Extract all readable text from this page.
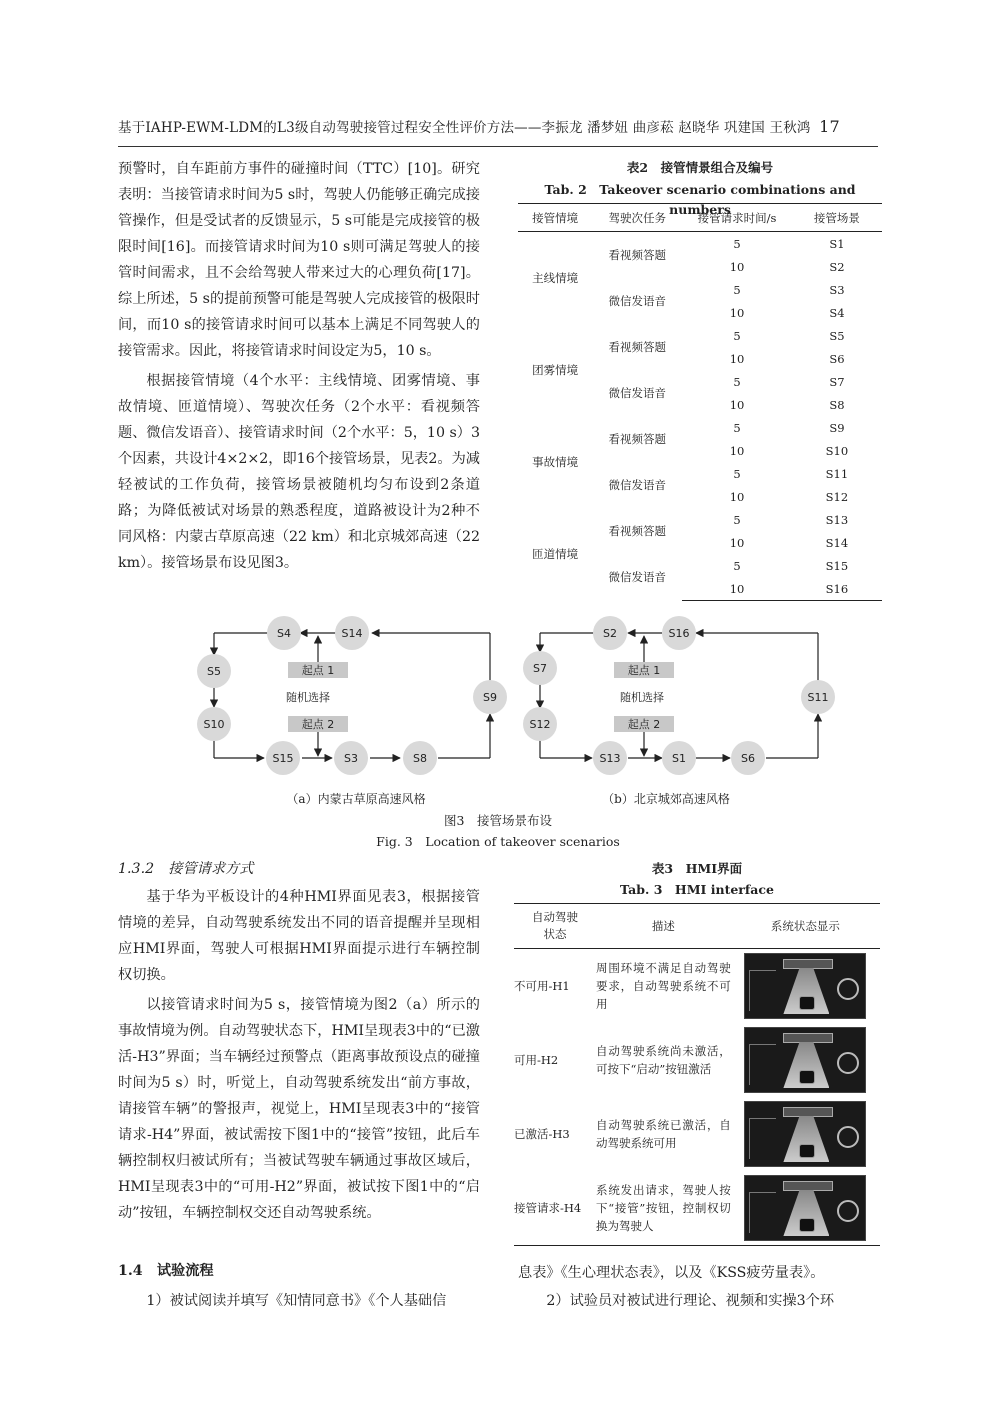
基于IAHP-EWM-LDM的L3级自动驾驶接管过程安全性评价方法——李振龙 潘梦妞 曲彦菘 赵晓华 巩建国 王秋鸿 17
预警时，自车距前方事件的碰撞时间（TTC）[10]。研究表明：当接管请求时间为5 s时，驾驶人仍能够正确完成接管操作，但是受试者的反馈显示，5 s可能是完成接管的极限时间[16]。而接管请求时间为10 s则可满足驾驶人的接管时间需求，且不会给驾驶人带来过大的心理负荷[17]。综上所述，5 s的提前预警可能是驾驶人完成接管的极限时间，而10 s的接管请求时间可以基本上满足不同驾驶人的接管需求。因此，将接管请求时间设定为5，10 s。
根据接管情境（4个水平：主线情境、团雾情境、事故情境、匝道情境）、驾驶次任务（2个水平：看视频答题、微信发语音）、接管请求时间（2个水平：5，10 s）3个因素，共设计4×2×2，即16个接管场景，见表2。为减轻被试的工作负荷，接管场景被随机均匀布设到2条道路；为降低被试对场景的熟悉程度，道路被设计为2种不同风格：内蒙古草原高速（22 km）和北京城郊高速（22 km）。接管场景布设见图3。
表2　接管情景组合及编号
Tab. 2　Takeover scenario combinations and numbers
接管情境	驾驶次任务	接管请求时间/s	接管场景
主线情境	看视频答题	5	S1
		10	S2
	微信发语音	5	S3
		10	S4
团雾情境	看视频答题	5	S5
		10	S6
	微信发语音	5	S7
		10	S8
事故情境	看视频答题	5	S9
		10	S10
	微信发语音	5	S11
		10	S12
匝道情境	看视频答题	5	S13
		10	S14
	微信发语音	5	S15
		10	S16
S4	S14
S5
S9
S10
S15	S3	S8
起点 1
随机选择
起点 2
S2	S16
S7
S11
S12
S13	S1	S6
起点 1
随机选择
起点 2
（a）内蒙古草原高速风格	（b）北京城郊高速风格
图3　接管场景布设
Fig. 3　Location of takeover scenarios
1.3.2　接管请求方式
基于华为平板设计的4种HMI界面见表3，根据接管情境的差异，自动驾驶系统发出不同的语音提醒并呈现相应HMI界面，驾驶人可根据HMI界面提示进行车辆控制权切换。
以接管请求时间为5 s，接管情境为图2（a）所示的事故情境为例。自动驾驶状态下，HMI呈现表3中的“已激活-H3”界面；当车辆经过预警点（距离事故预设点的碰撞时间为5 s）时，听觉上，自动驾驶系统发出“前方事故，请接管车辆”的警报声，视觉上，HMI呈现表3中的“接管请求-H4”界面，被试需按下图1中的“接管”按钮，此后车辆控制权归被试所有；当被试驾驶车辆通过事故区域后，HMI呈现表3中的“可用-H2”界面，被试按下图1中的“启动”按钮，车辆控制权交还自动驾驶系统。
1.4　试验流程
1）被试阅读并填写《知情同意书》《个人基础信
表3　HMI界面
Tab. 3　HMI interface
自动驾驶
状态	描述	系统状态显示
不可用-H1	周围环境不满足自动驾驶要求，自动驾驶系统不可用	

可用-H2	自动驾驶系统尚未激活，可按下“启动”按钮激活	

已激活-H3	自动驾驶系统已激活，自动驾驶系统可用	

接管请求-H4	系统发出请求，驾驶人按下“接管”按钮，控制权切换为驾驶人	
息表》《生心理状态表》，以及《KSS疲劳量表》。
2）试验员对被试进行理论、视频和实操3个环
